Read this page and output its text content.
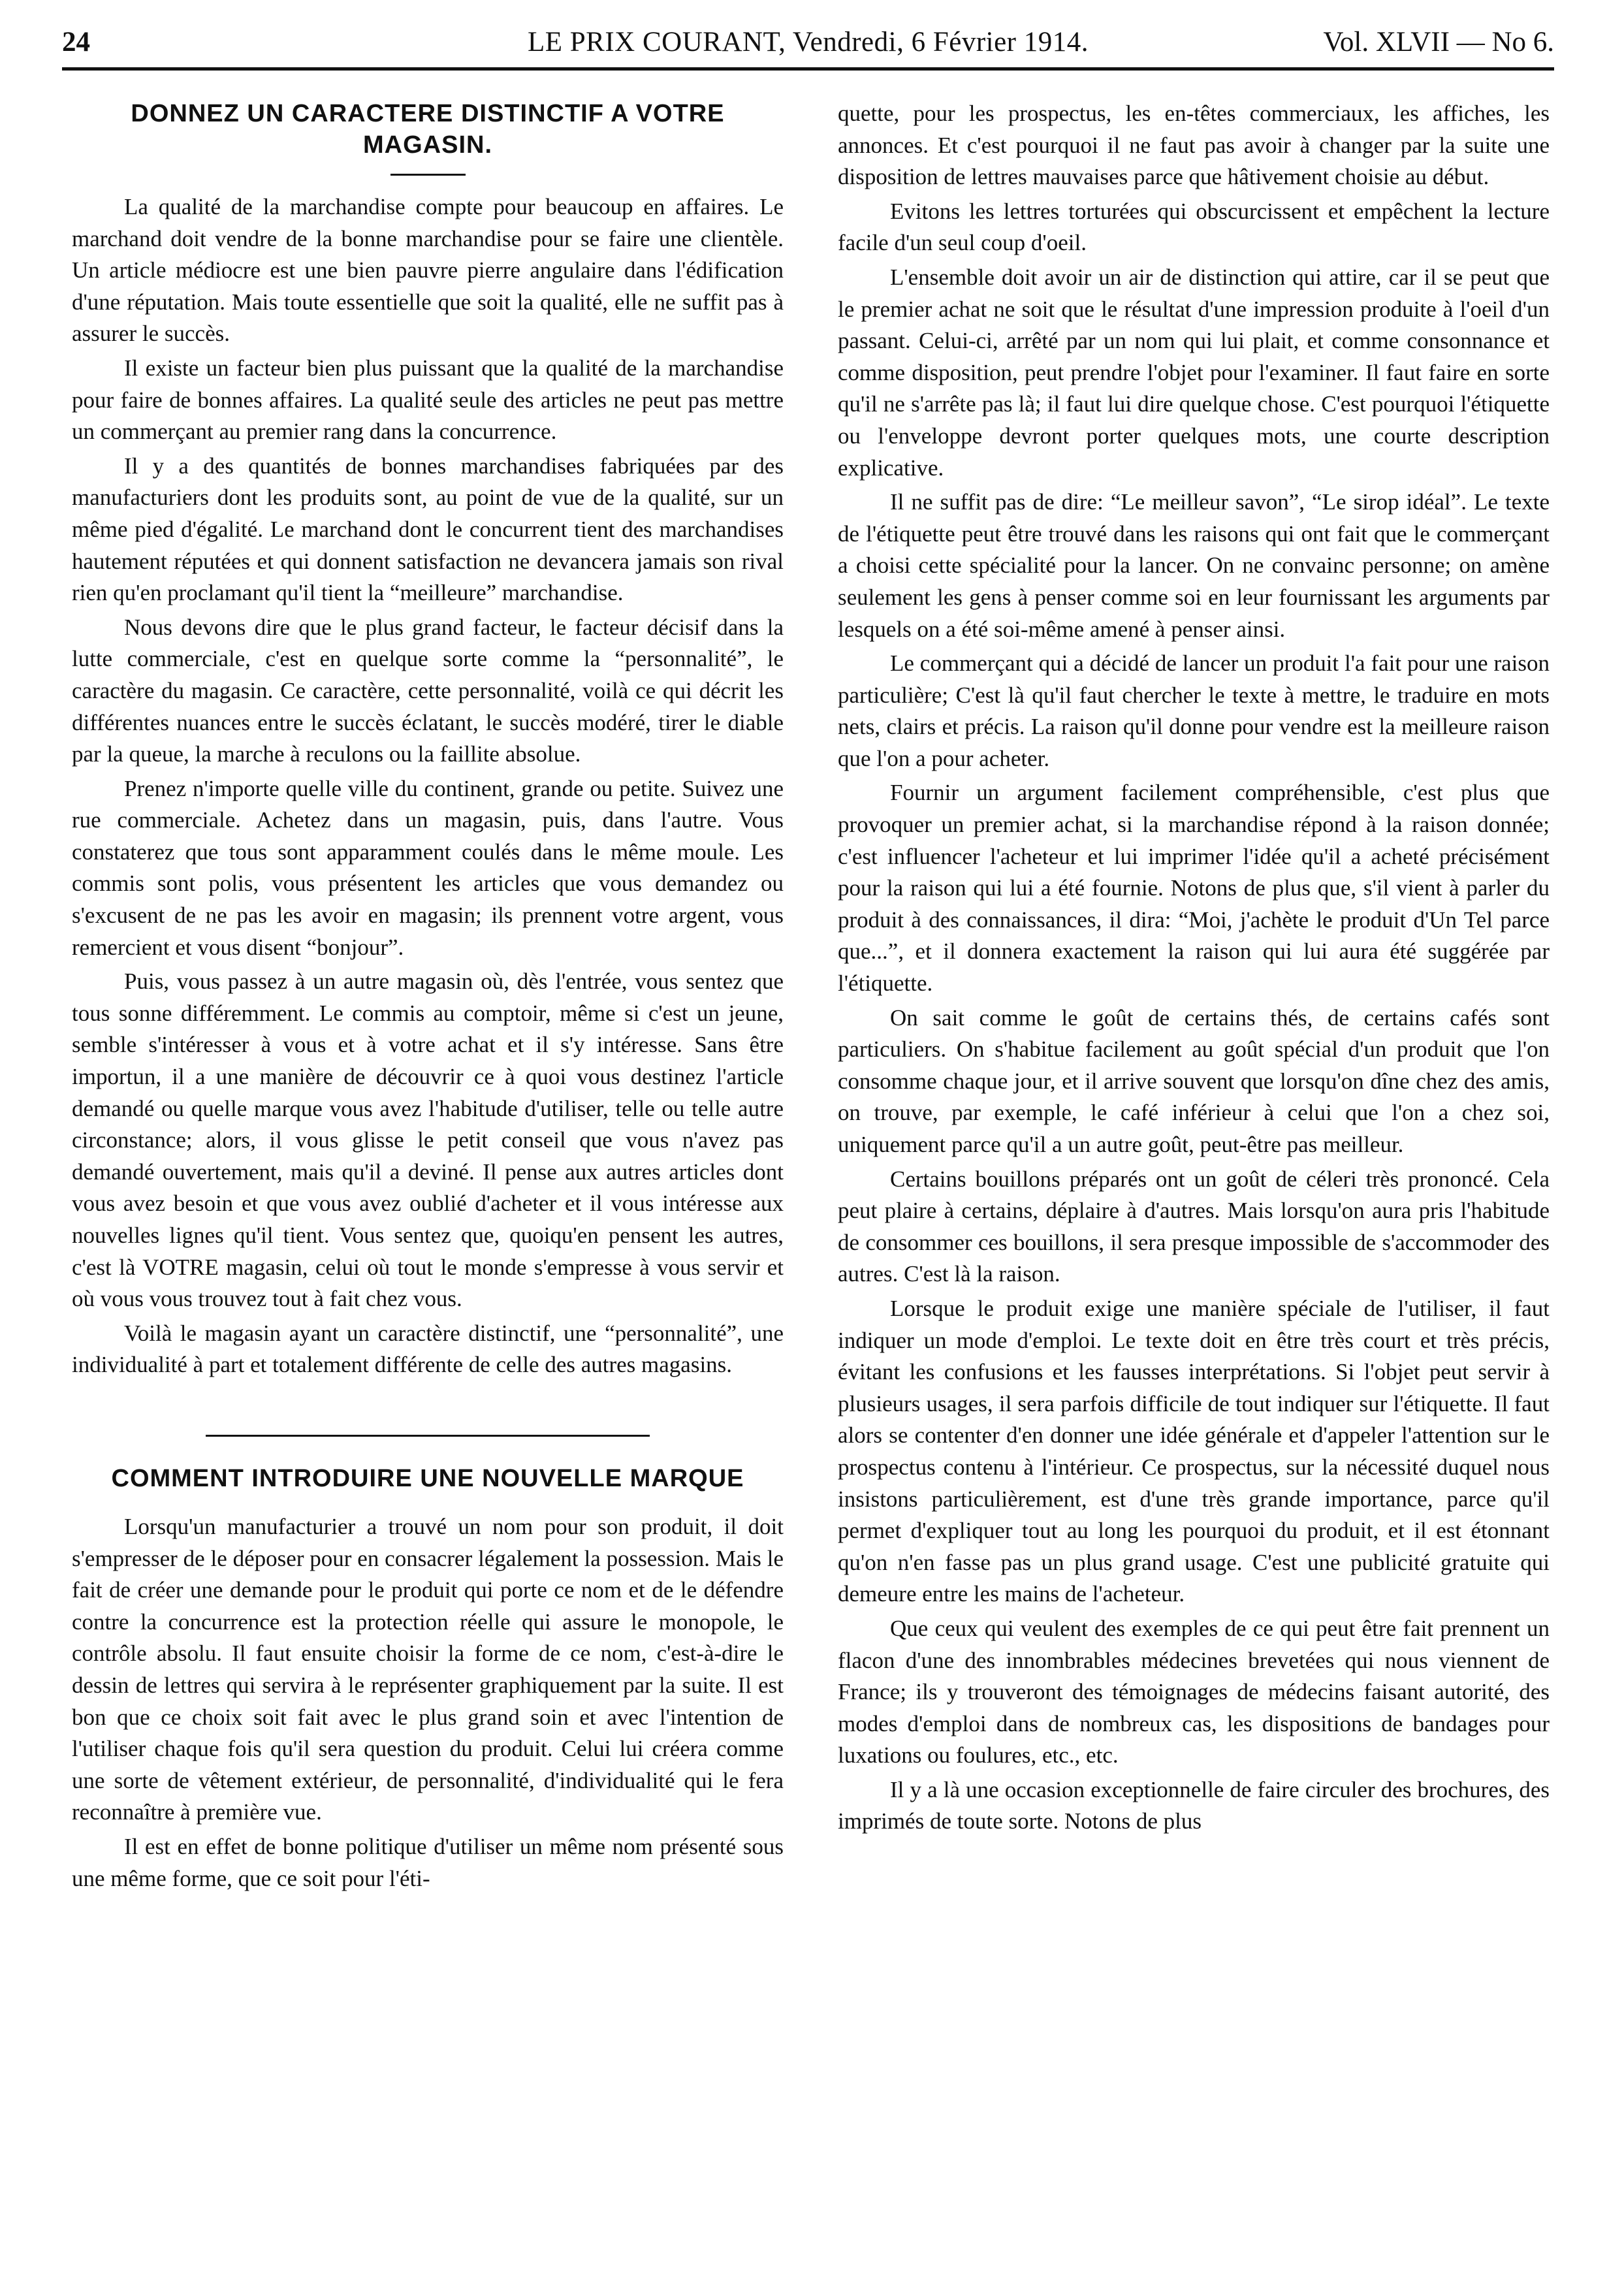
24	LE PRIX COURANT, Vendredi, 6 Février 1914.	Vol. XLVII — No 6.
DONNEZ UN CARACTERE DISTINCTIF A VOTRE MAGASIN.

La qualité de la marchandise compte pour beaucoup en affaires. Le marchand doit vendre de la bonne marchandise pour se faire une clientèle. Un article médiocre est une bien pauvre pierre angulaire dans l'édification d'une réputation. Mais toute essentielle que soit la qualité, elle ne suffit pas à assurer le succès.

Il existe un facteur bien plus puissant que la qualité de la marchandise pour faire de bonnes affaires. La qualité seule des articles ne peut pas mettre un commerçant au premier rang dans la concurrence.

Il y a des quantités de bonnes marchandises fabriquées par des manufacturiers dont les produits sont, au point de vue de la qualité, sur un même pied d'égalité. Le marchand dont le concurrent tient des marchandises hautement réputées et qui donnent satisfaction ne devancera jamais son rival rien qu'en proclamant qu'il tient la “meilleure” marchandise.

Nous devons dire que le plus grand facteur, le facteur décisif dans la lutte commerciale, c'est en quelque sorte comme la “personnalité”, le caractère du magasin. Ce caractère, cette personnalité, voilà ce qui décrit les différentes nuances entre le succès éclatant, le succès modéré, tirer le diable par la queue, la marche à reculons ou la faillite absolue.

Prenez n'importe quelle ville du continent, grande ou petite. Suivez une rue commerciale. Achetez dans un magasin, puis, dans l'autre. Vous constaterez que tous sont apparamment coulés dans le même moule. Les commis sont polis, vous présentent les articles que vous demandez ou s'excusent de ne pas les avoir en magasin; ils prennent votre argent, vous remercient et vous disent “bonjour”.

Puis, vous passez à un autre magasin où, dès l'entrée, vous sentez que tous sonne différemment. Le commis au comptoir, même si c'est un jeune, semble s'intéresser à vous et à votre achat et il s'y intéresse. Sans être importun, il a une manière de découvrir ce à quoi vous destinez l'article demandé ou quelle marque vous avez l'habitude d'utiliser, telle ou telle autre circonstance; alors, il vous glisse le petit conseil que vous n'avez pas demandé ouvertement, mais qu'il a deviné. Il pense aux autres articles dont vous avez besoin et que vous avez oublié d'acheter et il vous intéresse aux nouvelles lignes qu'il tient. Vous sentez que, quoiqu'en pensent les autres, c'est là VOTRE magasin, celui où tout le monde s'empresse à vous servir et où vous vous trouvez tout à fait chez vous.

Voilà le magasin ayant un caractère distinctif, une “personnalité”, une individualité à part et totalement différente de celle des autres magasins.

COMMENT INTRODUIRE UNE NOUVELLE MARQUE

Lorsqu'un manufacturier a trouvé un nom pour son produit, il doit s'empresser de le déposer pour en consacrer légalement la possession. Mais le fait de créer une demande pour le produit qui porte ce nom et de le défendre contre la concurrence est la protection réelle qui assure le monopole, le contrôle absolu. Il faut ensuite choisir la forme de ce nom, c'est-à-dire le dessin de lettres qui servira à le représenter graphiquement par la suite. Il est bon que ce choix soit fait avec le plus grand soin et avec l'intention de l'utiliser chaque fois qu'il sera question du produit. Celui lui créera comme une sorte de vêtement extérieur, de personnalité, d'individualité qui le fera reconnaître à première vue.

Il est en effet de bonne politique d'utiliser un même nom présenté sous une même forme, que ce soit pour l'éti-

quette, pour les prospectus, les en-têtes commerciaux, les affiches, les annonces. Et c'est pourquoi il ne faut pas avoir à changer par la suite une disposition de lettres mauvaises parce que hâtivement choisie au début.

Evitons les lettres torturées qui obscurcissent et empêchent la lecture facile d'un seul coup d'oeil.

L'ensemble doit avoir un air de distinction qui attire, car il se peut que le premier achat ne soit que le résultat d'une impression produite à l'oeil d'un passant. Celui-ci, arrêté par un nom qui lui plait, et comme consonnance et comme disposition, peut prendre l'objet pour l'examiner. Il faut faire en sorte qu'il ne s'arrête pas là; il faut lui dire quelque chose. C'est pourquoi l'étiquette ou l'enveloppe devront porter quelques mots, une courte description explicative.

Il ne suffit pas de dire: “Le meilleur savon”, “Le sirop idéal”. Le texte de l'étiquette peut être trouvé dans les raisons qui ont fait que le commerçant a choisi cette spécialité pour la lancer. On ne convainc personne; on amène seulement les gens à penser comme soi en leur fournissant les arguments par lesquels on a été soi-même amené à penser ainsi.

Le commerçant qui a décidé de lancer un produit l'a fait pour une raison particulière; C'est là qu'il faut chercher le texte à mettre, le traduire en mots nets, clairs et précis. La raison qu'il donne pour vendre est la meilleure raison que l'on a pour acheter.

Fournir un argument facilement compréhensible, c'est plus que provoquer un premier achat, si la marchandise répond à la raison donnée; c'est influencer l'acheteur et lui imprimer l'idée qu'il a acheté précisément pour la raison qui lui a été fournie. Notons de plus que, s'il vient à parler du produit à des connaissances, il dira: “Moi, j'achète le produit d'Un Tel parce que...”, et il donnera exactement la raison qui lui aura été suggérée par l'étiquette.

On sait comme le goût de certains thés, de certains cafés sont particuliers. On s'habitue facilement au goût spécial d'un produit que l'on consomme chaque jour, et il arrive souvent que lorsqu'on dîne chez des amis, on trouve, par exemple, le café inférieur à celui que l'on a chez soi, uniquement parce qu'il a un autre goût, peut-être pas meilleur.

Certains bouillons préparés ont un goût de céleri très prononcé. Cela peut plaire à certains, déplaire à d'autres. Mais lorsqu'on aura pris l'habitude de consommer ces bouillons, il sera presque impossible de s'accommoder des autres. C'est là la raison.

Lorsque le produit exige une manière spéciale de l'utiliser, il faut indiquer un mode d'emploi. Le texte doit en être très court et très précis, évitant les confusions et les fausses interprétations. Si l'objet peut servir à plusieurs usages, il sera parfois difficile de tout indiquer sur l'étiquette. Il faut alors se contenter d'en donner une idée générale et d'appeler l'attention sur le prospectus contenu à l'intérieur. Ce prospectus, sur la nécessité duquel nous insistons particulièrement, est d'une très grande importance, parce qu'il permet d'expliquer tout au long les pourquoi du produit, et il est étonnant qu'on n'en fasse pas un plus grand usage. C'est une publicité gratuite qui demeure entre les mains de l'acheteur.

Que ceux qui veulent des exemples de ce qui peut être fait prennent un flacon d'une des innombrables médecines brevetées qui nous viennent de France; ils y trouveront des témoignages de médecins faisant autorité, des modes d'emploi dans de nombreux cas, les dispositions de bandages pour luxations ou foulures, etc., etc.

Il y a là une occasion exceptionnelle de faire circuler des brochures, des imprimés de toute sorte. Notons de plus
